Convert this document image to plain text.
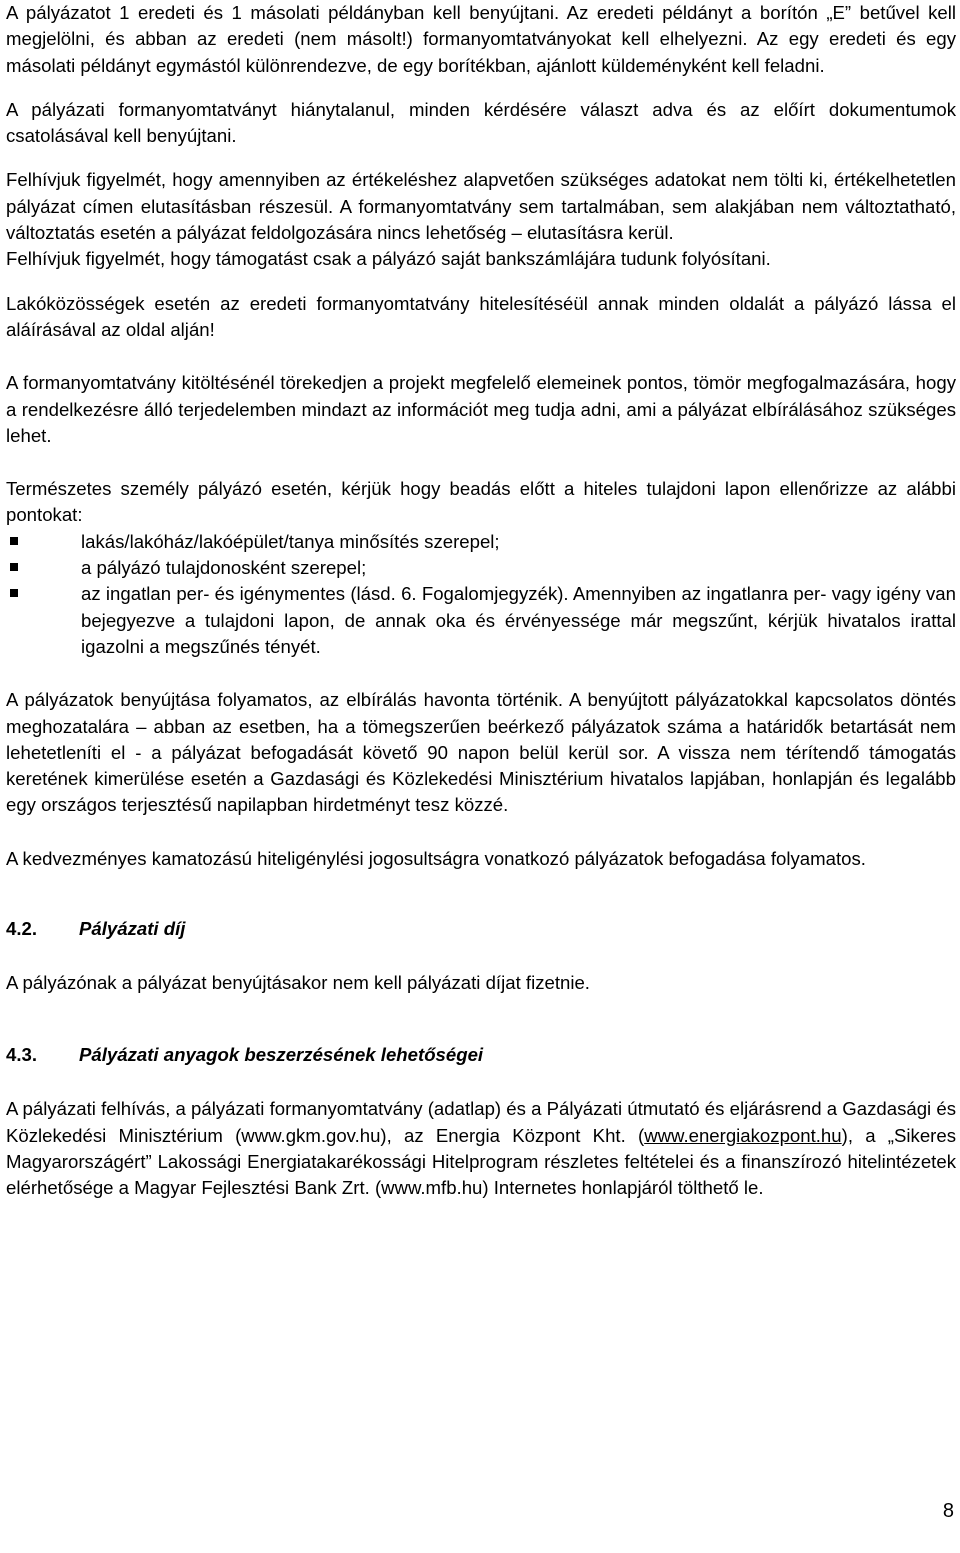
A pályázatot 1 eredeti és 1 másolati példányban kell benyújtani. Az eredeti példányt a borítón „E” betűvel kell megjelölni, és abban az eredeti (nem másolt!) formanyomtatványokat kell elhelyezni. Az egy eredeti és egy másolati példányt egymástól különrendezve, de egy borítékban, ajánlott küldeményként kell feladni.

A pályázati formanyomtatványt hiánytalanul, minden kérdésére választ adva és az előírt dokumentumok csatolásával kell benyújtani.

Felhívjuk figyelmét, hogy amennyiben az értékeléshez alapvetően szükséges adatokat nem tölti ki, értékelhetetlen pályázat címen elutasításban részesül. A formanyomtatvány sem tartalmában, sem alakjában nem változtatható, változtatás esetén a pályázat feldolgozására nincs lehetőség – elutasításra kerül.

Felhívjuk figyelmét, hogy támogatást csak a pályázó saját bankszámlájára tudunk folyósítani.

Lakóközösségek esetén az eredeti formanyomtatvány hitelesítéséül annak minden oldalát a pályázó lássa el aláírásával az oldal alján!

A formanyomtatvány kitöltésénél törekedjen a projekt megfelelő elemeinek pontos, tömör megfogalmazására, hogy a rendelkezésre álló terjedelemben mindazt az információt meg tudja adni, ami a pályázat elbírálásához szükséges lehet.

Természetes személy pályázó esetén, kérjük hogy beadás előtt a hiteles tulajdoni lapon ellenőrizze az alábbi pontokat:

lakás/lakóház/lakóépület/tanya minősítés szerepel;
a pályázó tulajdonosként szerepel;
az ingatlan per- és igénymentes (lásd. 6. Fogalomjegyzék). Amennyiben az ingatlanra per- vagy igény van bejegyezve a tulajdoni lapon, de annak oka és érvényessége már megszűnt, kérjük hivatalos irattal igazolni a megszűnés tényét.

A pályázatok benyújtása folyamatos, az elbírálás havonta történik. A benyújtott pályázatokkal kapcsolatos döntés meghozatalára – abban az esetben, ha a tömegszerűen beérkező pályázatok száma a határidők betartását nem lehetetleníti el - a pályázat befogadását követő 90 napon belül kerül sor. A vissza nem térítendő támogatás keretének kimerülése esetén a Gazdasági és Közlekedési Minisztérium hivatalos lapjában, honlapján és legalább egy országos terjesztésű napilapban hirdetményt tesz közzé.

A kedvezményes kamatozású hiteligénylési jogosultságra vonatkozó pályázatok befogadása folyamatos.

4.2.	Pályázati díj

A pályázónak a pályázat benyújtásakor nem kell pályázati díjat fizetnie.

4.3.	Pályázati anyagok beszerzésének lehetőségei

A pályázati felhívás, a pályázati formanyomtatvány (adatlap) és a Pályázati útmutató és eljárásrend a Gazdasági és Közlekedési Minisztérium (www.gkm.gov.hu), az Energia Központ Kht. (www.energiakozpont.hu), a „Sikeres Magyarországért” Lakossági Energiatakarékossági Hitelprogram részletes feltételei és a finanszírozó hitelintézetek elérhetősége a Magyar Fejlesztési Bank Zrt. (www.mfb.hu) Internetes honlapjáról tölthető le.

8
